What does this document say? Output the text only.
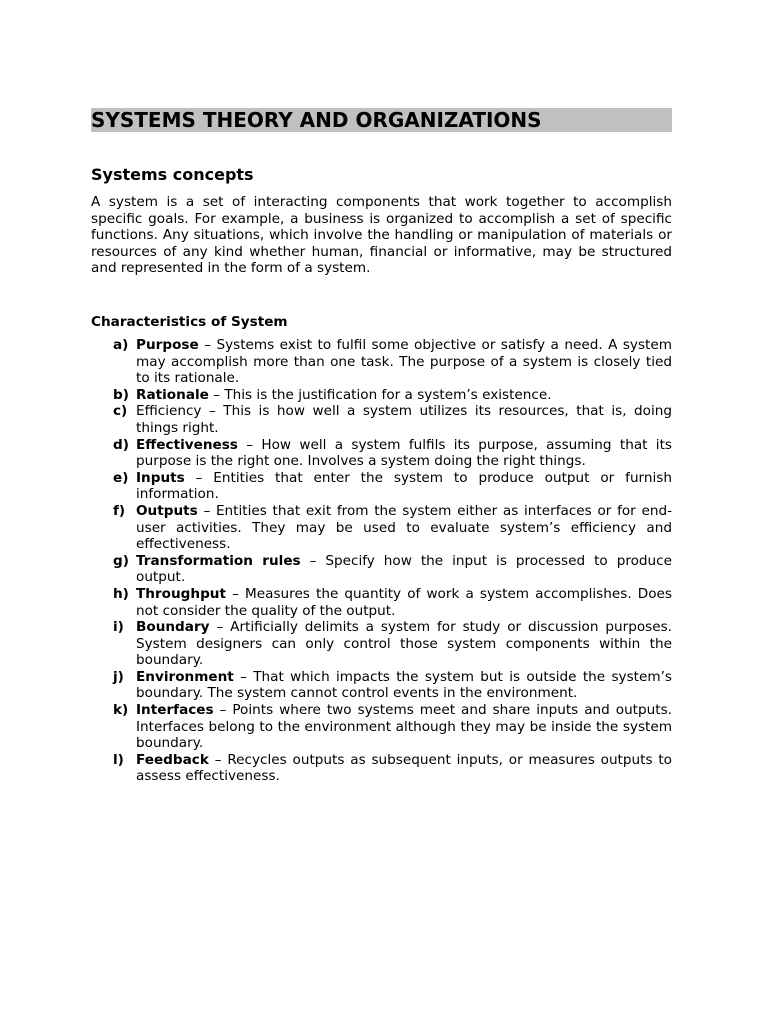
SYSTEMS THEORY AND ORGANIZATIONS
Systems concepts

A system is a set of interacting components that work together to accomplish specific goals. For example, a business is organized to accomplish a set of specific functions. Any situations, which involve the handling or manipulation of materials or resources of any kind whether human, financial or informative, may be structured and represented in the form of a system.

Characteristics of System
a) Purpose – Systems exist to fulfil some objective or satisfy a need. A system may accomplish more than one task. The purpose of a system is closely tied to its rationale.
b) Rationale – This is the justification for a system’s existence.
c) Efficiency – This is how well a system utilizes its resources, that is, doing things right.
d) Effectiveness – How well a system fulfils its purpose, assuming that its purpose is the right one. Involves a system doing the right things.
e) Inputs – Entities that enter the system to produce output or furnish information.
f) Outputs – Entities that exit from the system either as interfaces or for end-user activities. They may be used to evaluate system’s efficiency and effectiveness.
g) Transformation rules – Specify how the input is processed to produce output.
h) Throughput – Measures the quantity of work a system accomplishes. Does not consider the quality of the output.
i) Boundary – Artificially delimits a system for study or discussion purposes. System designers can only control those system components within the boundary.
j) Environment – That which impacts the system but is outside the system’s boundary. The system cannot control events in the environment.
k) Interfaces – Points where two systems meet and share inputs and outputs. Interfaces belong to the environment although they may be inside the system boundary.
l) Feedback – Recycles outputs as subsequent inputs, or measures outputs to assess effectiveness.
